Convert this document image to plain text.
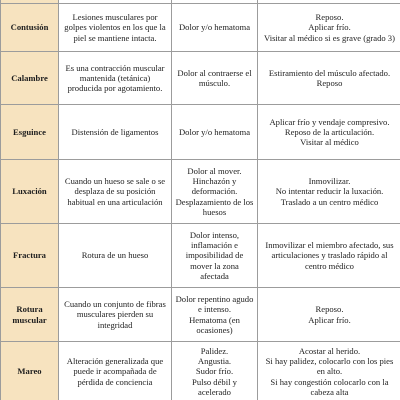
Contusión	Lesiones musculares por golpes violentos en los que la piel se mantiene intacta.	Dolor y/o hematoma	Reposo.
Aplicar frío.
Visitar al médico si es grave (grado 3)
Calambre	Es una contracción muscular mantenida (tetánica) producida por agotamiento.	Dolor al contraerse el músculo.	Estiramiento del músculo afectado.
Reposo
Esguince	Distensión de ligamentos	Dolor y/o hematoma	Aplicar frío y vendaje compresivo.
Reposo de la articulación.
Visitar al médico
Luxación	Cuando un hueso se sale o se desplaza de su posición habitual en una articulación	Dolor al mover.
Hinchazón y deformación.
Desplazamiento de los huesos	Inmovilizar.
No intentar reducir la luxación.
Traslado a un centro médico
Fractura	Rotura de un hueso	Dolor intenso, inflamación e imposibilidad de mover la zona afectada	Inmovilizar el miembro afectado, sus articulaciones y traslado rápido al centro médico
Rotura muscular	Cuando un conjunto de fibras musculares pierden su integridad	Dolor repentino agudo e intenso.
Hematoma (en ocasiones)	Reposo.
Aplicar frío.
Mareo	Alteración generalizada que puede ir acompañada de pérdida de conciencia	Palidez.
Angustia.
Sudor frío.
Pulso débil y acelerado	Acostar al herido.
Si hay palidez, colocarlo con los pies en alto.
Si hay congestión colocarlo con la cabeza alta
